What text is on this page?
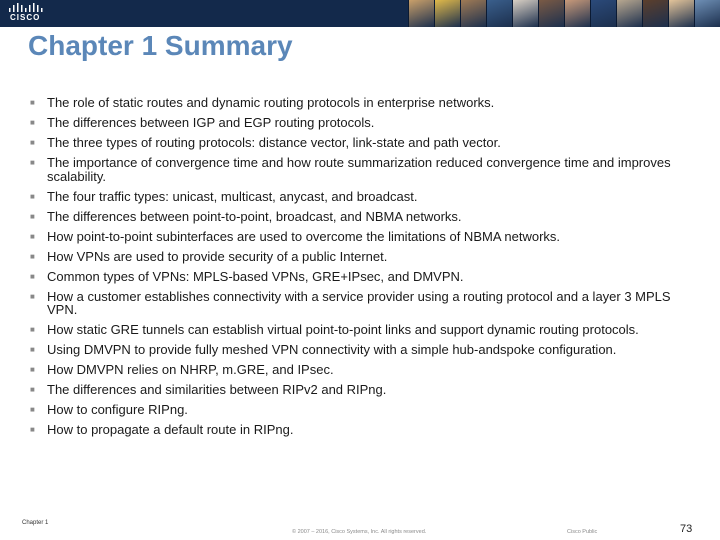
CISCO
Chapter 1 Summary
■ The role of static routes and dynamic routing protocols in enterprise networks.
■ The differences between IGP and EGP routing protocols.
■ The three types of routing protocols: distance vector, link-state and path vector.
■ The importance of convergence time and how route summarization reduced convergence time and improves scalability.
■ The four traffic types: unicast, multicast, anycast, and broadcast.
■ The differences between point-to-point, broadcast, and NBMA networks.
■ How point-to-point subinterfaces are used to overcome the limitations of NBMA networks.
■ How VPNs are used to provide security of a public Internet.
■ Common types of VPNs: MPLS-based VPNs, GRE+IPsec, and DMVPN.
■ How a customer establishes connectivity with a service provider using a routing protocol and a layer 3 MPLS VPN.
■ How static GRE tunnels can establish virtual point-to-point links and support dynamic routing protocols.
■ Using DMVPN to provide fully meshed VPN connectivity with a simple hub-andspoke configuration.
■ How DMVPN relies on NHRP, m.GRE, and IPsec.
■ The differences and similarities between RIPv2 and RIPng.
■ How to configure RIPng.
■ How to propagate a default route in RIPng.
Chapter 1
© 2007 – 2016, Cisco Systems, Inc. All rights reserved.	Cisco Public	73
